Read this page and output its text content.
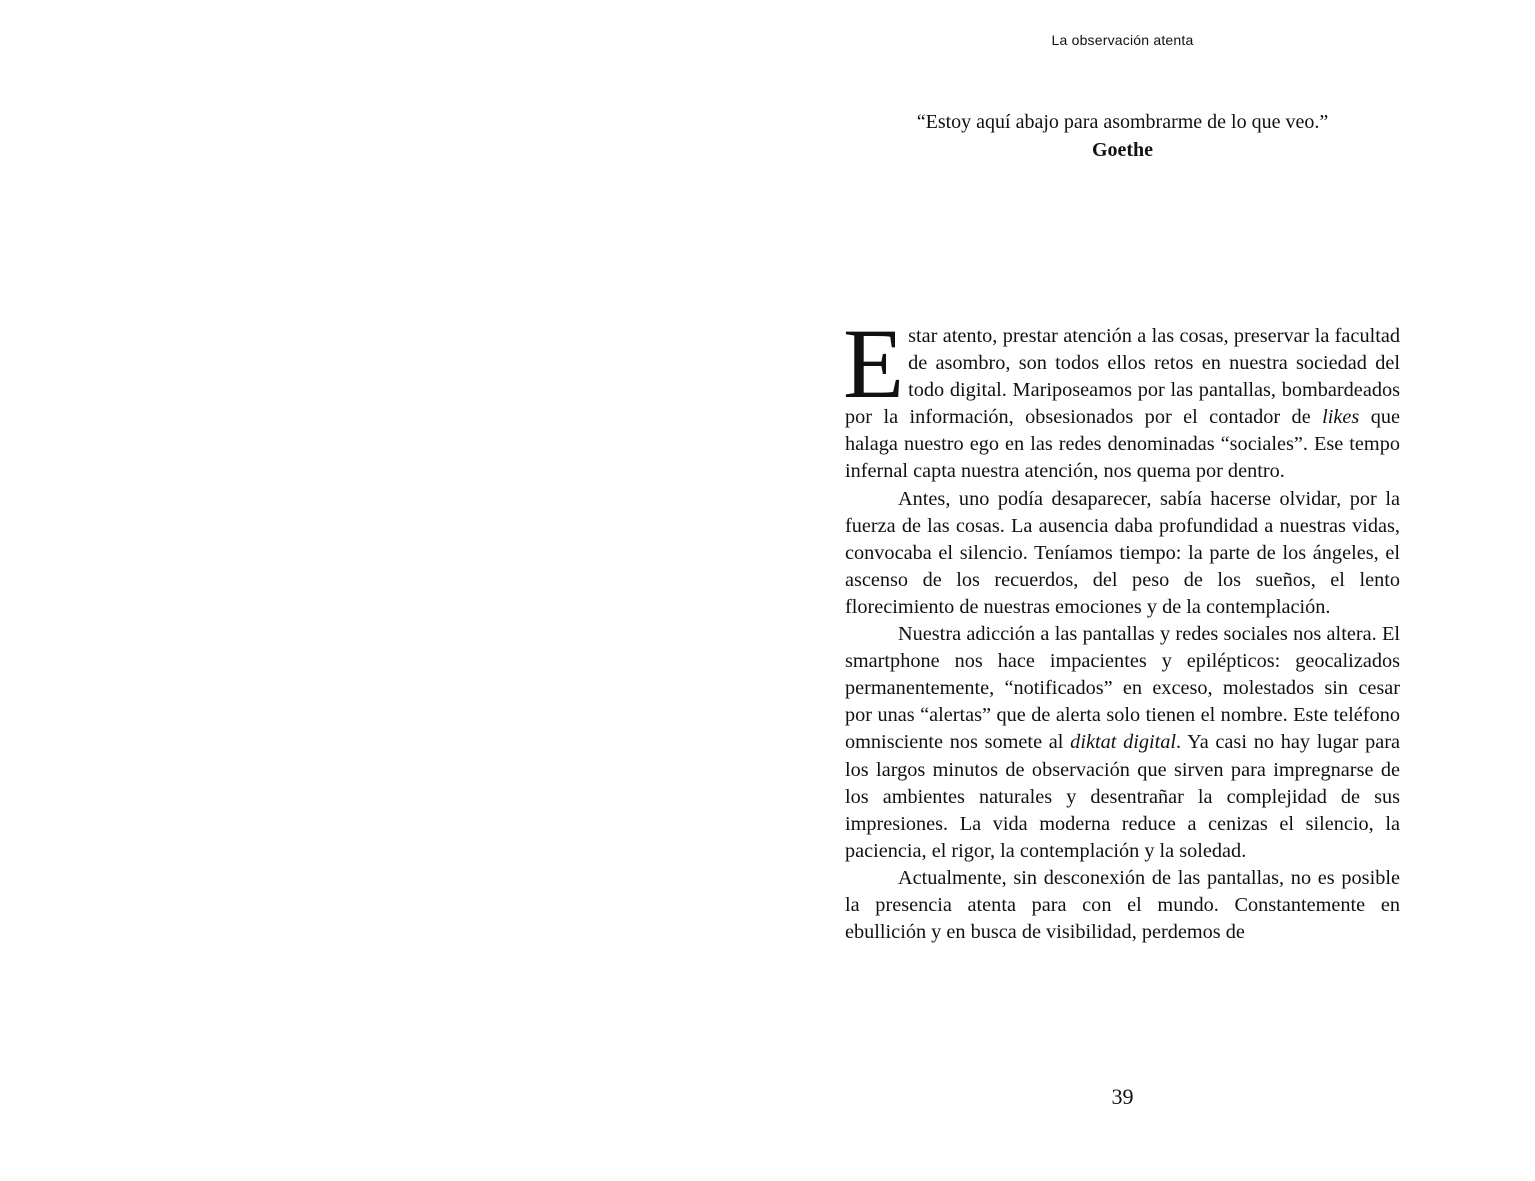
La observación atenta
“Estoy aquí abajo para asombrarme de lo que veo.”
Goethe

Estar atento, prestar atención a las cosas, preservar la facultad de asombro, son todos ellos retos en nuestra sociedad del todo digital. Mariposeamos por las pantallas, bombardeados por la información, obsesionados por el contador de likes que halaga nuestro ego en las redes denominadas “sociales”. Ese tempo infernal capta nuestra atención, nos quema por dentro.

Antes, uno podía desaparecer, sabía hacerse olvidar, por la fuerza de las cosas. La ausencia daba profundidad a nuestras vidas, convocaba el silencio. Teníamos tiempo: la parte de los ángeles, el ascenso de los recuerdos, del peso de los sueños, el lento florecimiento de nuestras emociones y de la contemplación.

Nuestra adicción a las pantallas y redes sociales nos altera. El smartphone nos hace impacientes y epilépticos: geocalizados permanentemente, “notificados” en exceso, molestados sin cesar por unas “alertas” que de alerta solo tienen el nombre. Este teléfono omnisciente nos somete al diktat digital. Ya casi no hay lugar para los largos minutos de observación que sirven para impregnarse de los ambientes naturales y desentrañar la complejidad de sus impresiones. La vida moderna reduce a cenizas el silencio, la paciencia, el rigor, la contemplación y la soledad.

Actualmente, sin desconexión de las pantallas, no es posible la presencia atenta para con el mundo. Constantemente en ebullición y en busca de visibilidad, perdemos de

39
